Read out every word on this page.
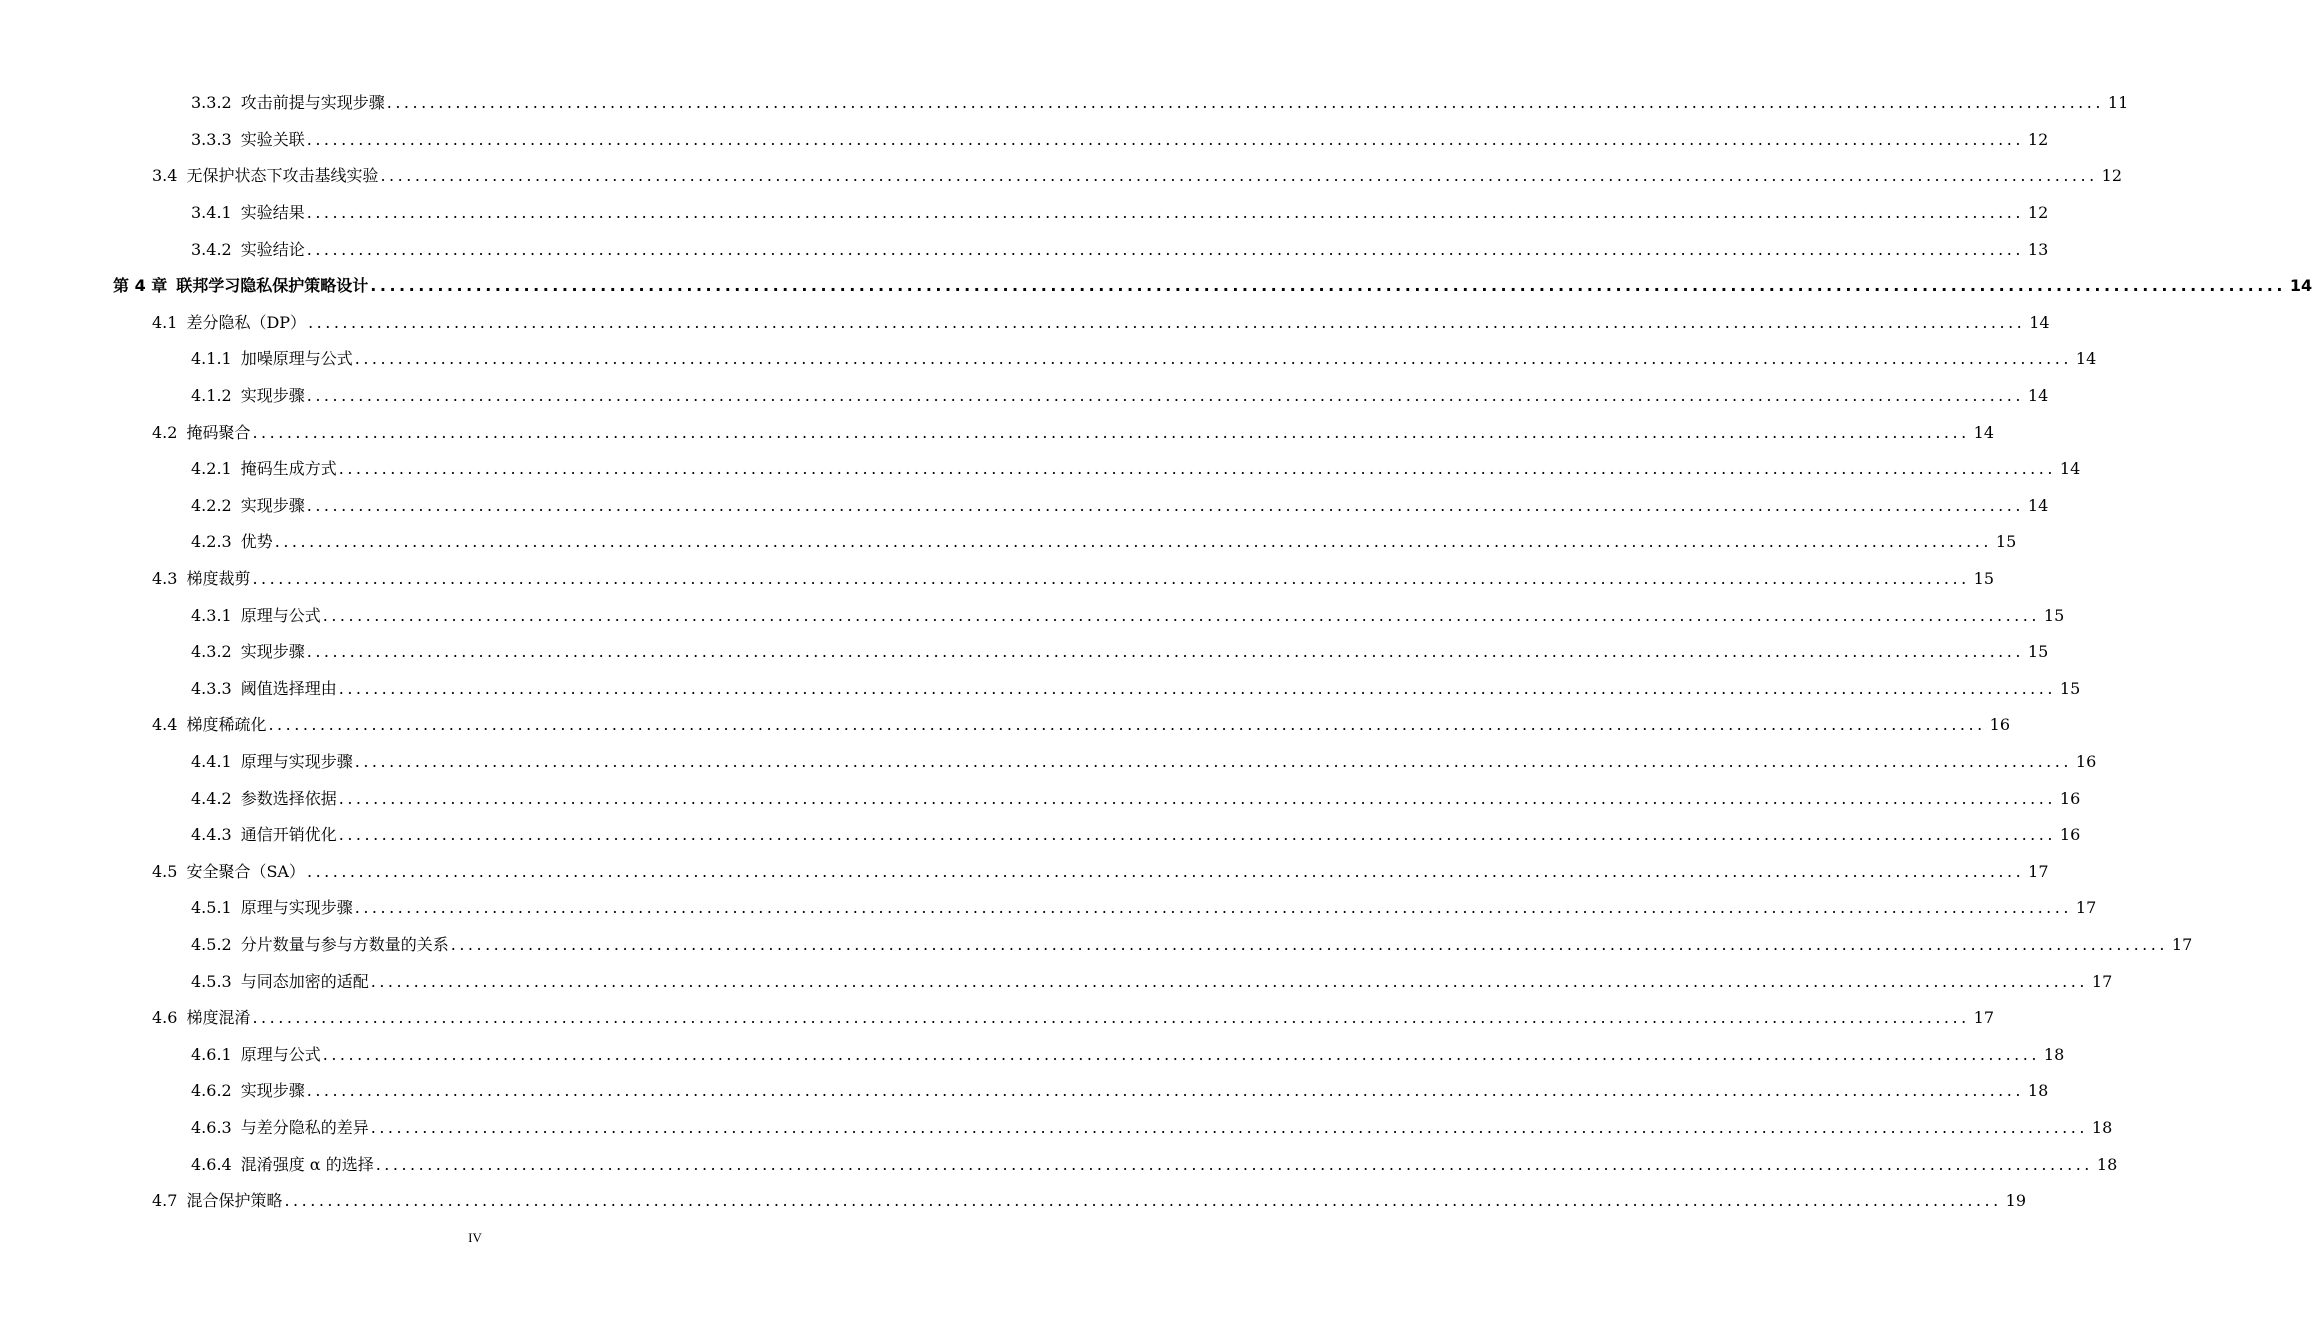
3.3.2 攻击前提与实现步骤 ........................................................................................................................................................................................................ 11
3.3.3 实验关联 ........................................................................................................................................................................................................ 12
3.4 无保护状态下攻击基线实验 ........................................................................................................................................................................................................ 12
3.4.1 实验结果 ........................................................................................................................................................................................................ 12
3.4.2 实验结论 ........................................................................................................................................................................................................ 13
第 4 章 联邦学习隐私保护策略设计 ........................................................................................................................................................................................................ 14
4.1 差分隐私（DP） ........................................................................................................................................................................................................ 14
4.1.1 加噪原理与公式 ........................................................................................................................................................................................................ 14
4.1.2 实现步骤 ........................................................................................................................................................................................................ 14
4.2 掩码聚合 ........................................................................................................................................................................................................ 14
4.2.1 掩码生成方式 ........................................................................................................................................................................................................ 14
4.2.2 实现步骤 ........................................................................................................................................................................................................ 14
4.2.3 优势 ........................................................................................................................................................................................................ 15
4.3 梯度裁剪 ........................................................................................................................................................................................................ 15
4.3.1 原理与公式 ........................................................................................................................................................................................................ 15
4.3.2 实现步骤 ........................................................................................................................................................................................................ 15
4.3.3 阈值选择理由 ........................................................................................................................................................................................................ 15
4.4 梯度稀疏化 ........................................................................................................................................................................................................ 16
4.4.1 原理与实现步骤 ........................................................................................................................................................................................................ 16
4.4.2 参数选择依据 ........................................................................................................................................................................................................ 16
4.4.3 通信开销优化 ........................................................................................................................................................................................................ 16
4.5 安全聚合（SA） ........................................................................................................................................................................................................ 17
4.5.1 原理与实现步骤 ........................................................................................................................................................................................................ 17
4.5.2 分片数量与参与方数量的关系 ........................................................................................................................................................................................................ 17
4.5.3 与同态加密的适配 ........................................................................................................................................................................................................ 17
4.6 梯度混淆 ........................................................................................................................................................................................................ 17
4.6.1 原理与公式 ........................................................................................................................................................................................................ 18
4.6.2 实现步骤 ........................................................................................................................................................................................................ 18
4.6.3 与差分隐私的差异 ........................................................................................................................................................................................................ 18
4.6.4 混淆强度 α 的选择 ........................................................................................................................................................................................................ 18
4.7 混合保护策略 ........................................................................................................................................................................................................ 19
IV
